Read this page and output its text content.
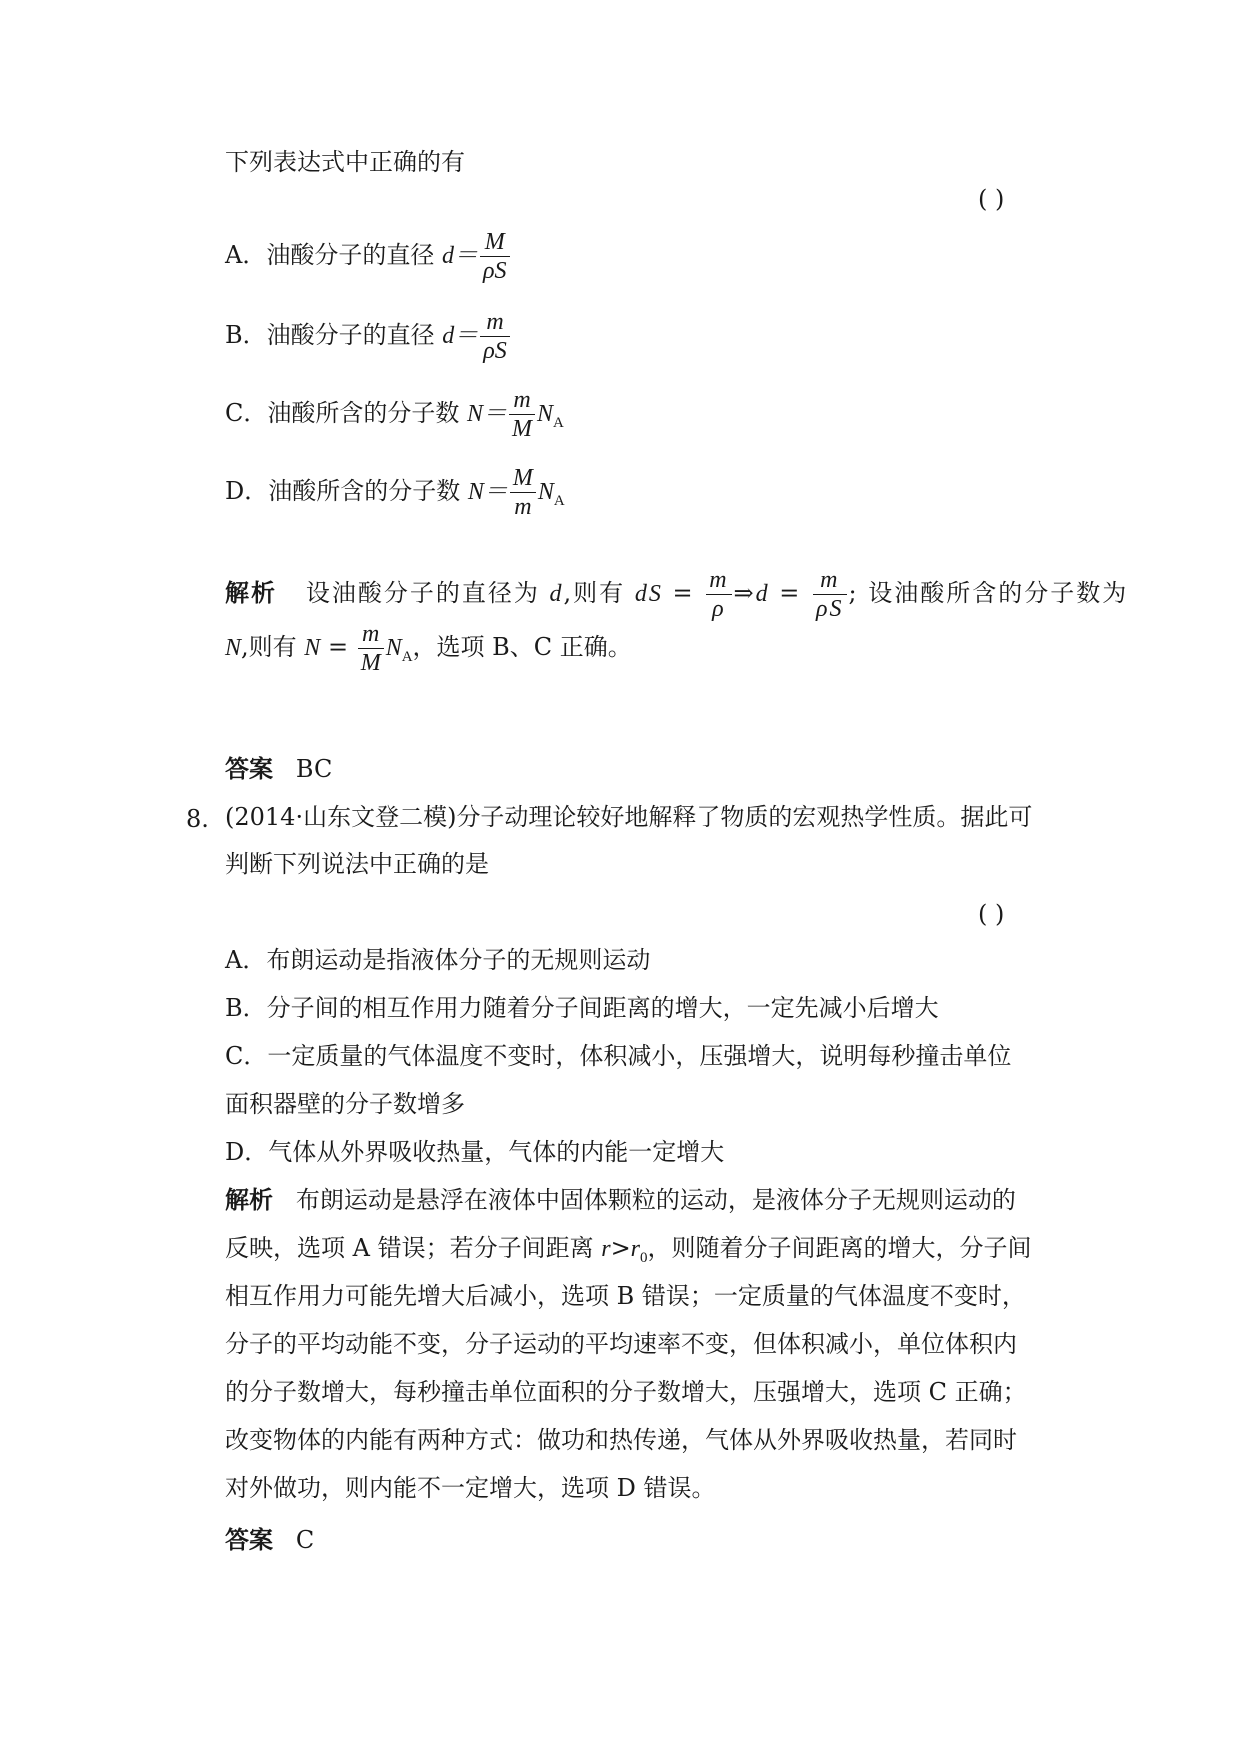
下列表达式中正确的有
( )
A．油酸分子的直径 $d= \frac{M}{\rho S}$
B．油酸分子的直径 $d= \frac{m}{\rho S}$
C．油酸所含的分子数 $N= \frac{m}{M} N_A$
D．油酸所含的分子数 $N= \frac{M}{m} N_A$
解析 设油酸分子的直径为 d,则有 dS = $\frac{m}{\rho}$ ⇒d = $\frac{m}{\rho S}$ ; 设油酸所含的分子数为
N,则有 $N = \frac{m}{M} N_A$，选项 B、C 正确。
答案 BC
8. (2014·山东文登二模)分子动理论较好地解释了物质的宏观热学性质。据此可
判断下列说法中正确的是
( )
A．布朗运动是指液体分子的无规则运动
B．分子间的相互作用力随着分子间距离的增大，一定先减小后增大
C．一定质量的气体温度不变时，体积减小，压强增大，说明每秒撞击单位
面积器壁的分子数增多
D．气体从外界吸收热量，气体的内能一定增大
解析 布朗运动是悬浮在液体中固体颗粒的运动，是液体分子无规则运动的
反映，选项 A 错误；若分子间距离 $r>r_0$，则随着分子间距离的增大，分子间
相互作用力可能先增大后减小，选项 B 错误；一定质量的气体温度不变时，
分子的平均动能不变，分子运动的平均速率不变，但体积减小，单位体积内
的分子数增大，每秒撞击单位面积的分子数增大，压强增大，选项 C 正确；
改变物体的内能有两种方式：做功和热传递，气体从外界吸收热量，若同时
对外做功，则内能不一定增大，选项 D 错误。
答案 C
